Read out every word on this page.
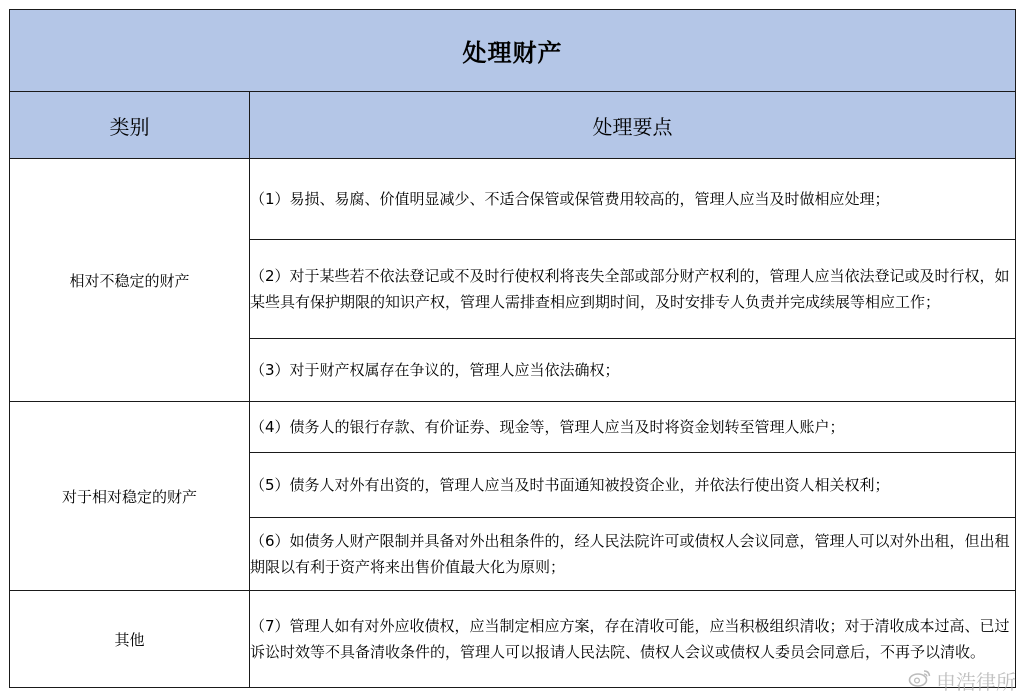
处理财产	
类别	处理要点
相对不稳定的财产	（1）易损、易腐、价值明显减少、不适合保管或保管费用较高的，管理人应当及时做相应处理；
	（2）对于某些若不依法登记或不及时行使权利将丧失全部或部分财产权利的，管理人应当依法登记或及时行权，如某些具有保护期限的知识产权，管理人需排查相应到期时间，及时安排专人负责并完成续展等相应工作；
	（3）对于财产权属存在争议的，管理人应当依法确权；
对于相对稳定的财产	（4）债务人的银行存款、有价证券、现金等，管理人应当及时将资金划转至管理人账户；
	（5）债务人对外有出资的，管理人应当及时书面通知被投资企业，并依法行使出资人相关权利；
	（6）如债务人财产限制并具备对外出租条件的，经人民法院许可或债权人会议同意，管理人可以对外出租，但出租期限以有利于资产将来出售价值最大化为原则；
其他	（7）管理人如有对外应收债权，应当制定相应方案，存在清收可能，应当积极组织清收；对于清收成本过高、已过诉讼时效等不具备清收条件的，管理人可以报请人民法院、债权人会议或债权人委员会同意后，不再予以清收。
申浩律所
